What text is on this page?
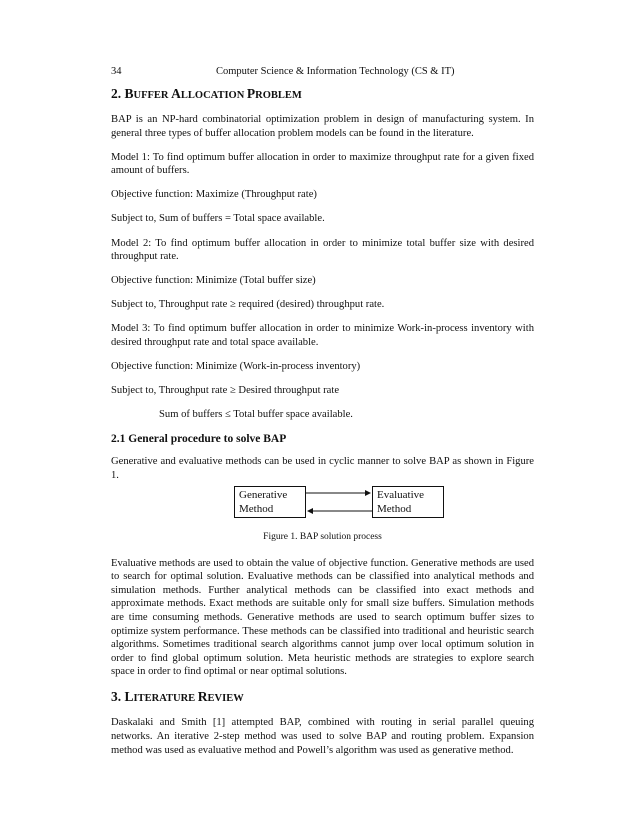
34	Computer Science & Information Technology (CS & IT)
2. BUFFER ALLOCATION PROBLEM

BAP is an NP-hard combinatorial optimization problem in design of manufacturing system. In general three types of buffer allocation problem models can be found in the literature.

Model 1: To find optimum buffer allocation in order to maximize throughput rate for a given fixed amount of buffers.

Objective function: Maximize (Throughput rate)

Subject to, Sum of buffers = Total space available.

Model 2: To find optimum buffer allocation in order to minimize total buffer size with desired throughput rate.

Objective function: Minimize (Total buffer size)

Subject to, Throughput rate ≥ required (desired) throughput rate.

Model 3: To find optimum buffer allocation in order to minimize Work-in-process inventory with desired throughput rate and total space available.

Objective function: Minimize (Work-in-process inventory)

Subject to, Throughput rate ≥ Desired throughput rate

Sum of buffers ≤ Total buffer space available.

2.1 General procedure to solve BAP

Generative and evaluative methods can be used in cyclic manner to solve BAP as shown in Figure 1.

Generative
Method
Evaluative
Method
Figure 1. BAP solution process

Evaluative methods are used to obtain the value of objective function. Generative methods are used to search for optimal solution. Evaluative methods can be classified into analytical methods and simulation methods. Further analytical methods can be classified into exact methods and approximate methods. Exact methods are suitable only for small size buffers. Simulation methods are time consuming methods. Generative methods are used to search optimum buffer sizes to optimize system performance. These methods can be classified into traditional and heuristic search algorithms. Sometimes traditional search algorithms cannot jump over local optimum solution in order to find global optimum solution. Meta heuristic methods are strategies to explore search space in order to find optimal or near optimal solutions.

3. LITERATURE REVIEW

Daskalaki and Smith [1] attempted BAP, combined with routing in serial parallel queuing networks. An iterative 2-step method was used to solve BAP and routing problem. Expansion method was used as evaluative method and Powell’s algorithm was used as generative method.
